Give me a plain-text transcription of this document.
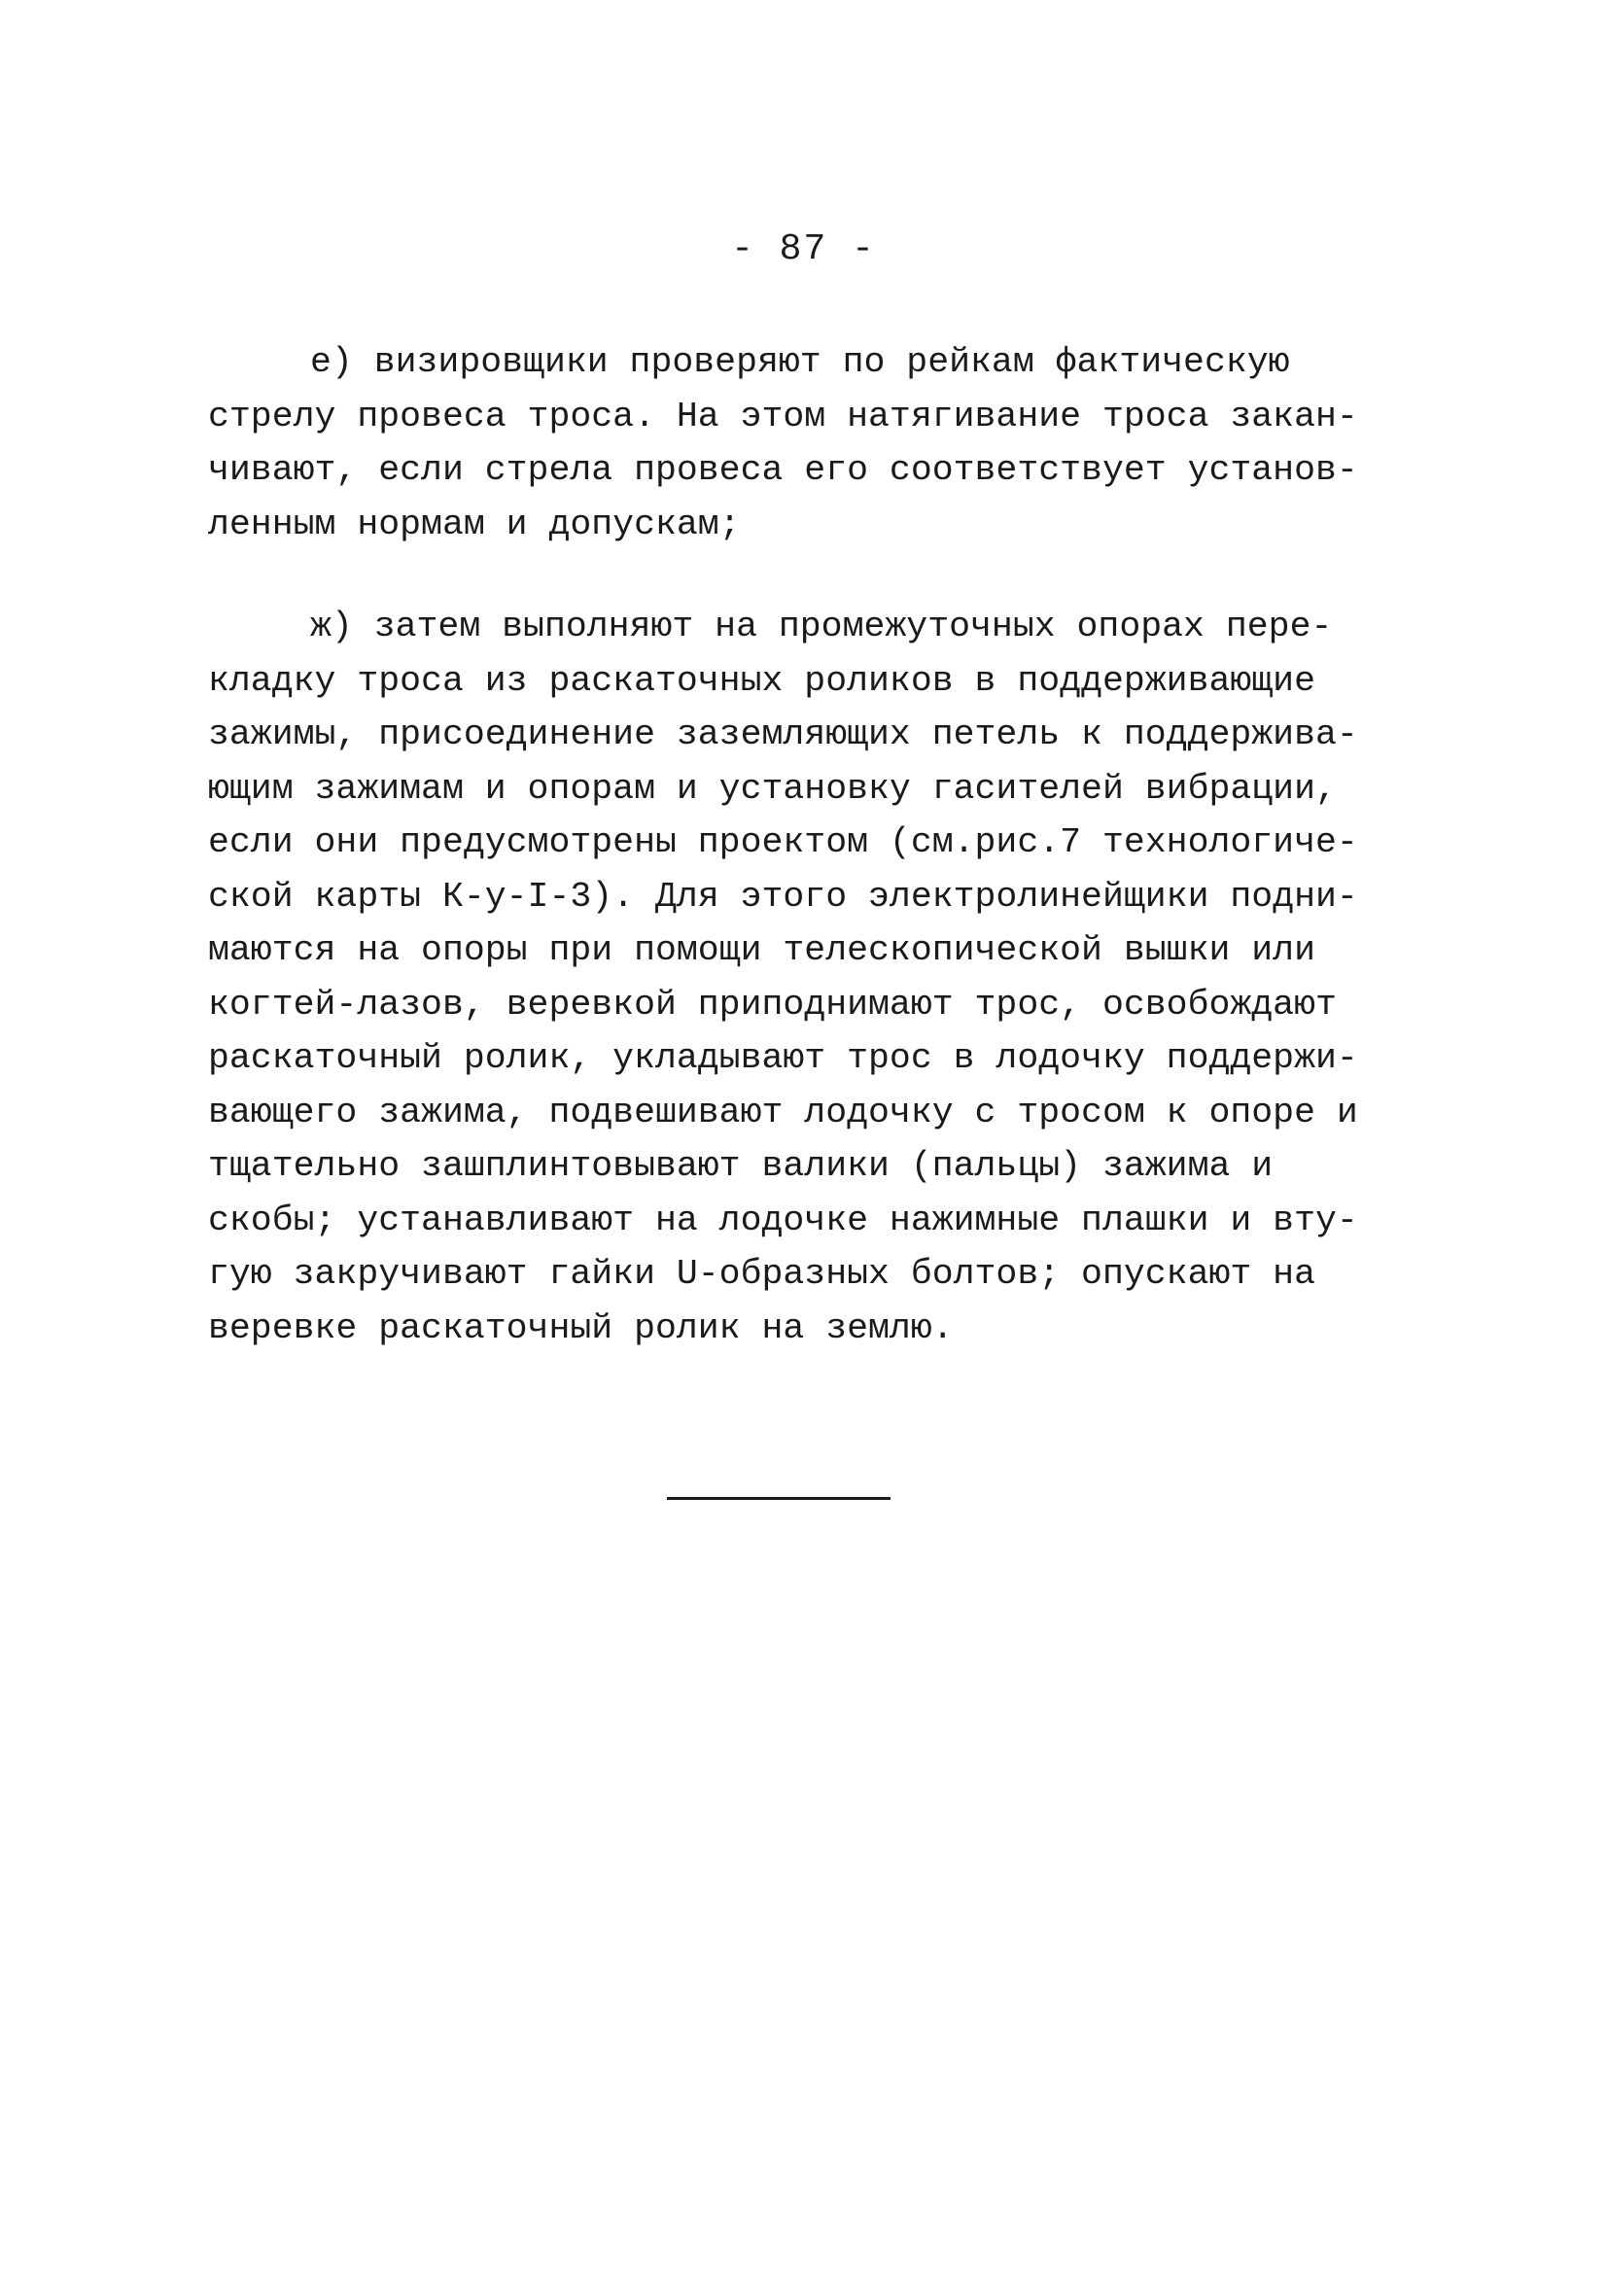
- 87 -
е) визировщики проверяют по рейкам фактическую
стрелу провеса троса. На этом натягивание троса закан-
чивают, если стрела провеса его соответствует установ-
ленным нормам и допускам;
ж) затем выполняют на промежуточных опорах пере-
кладку троса из раскаточных роликов в поддерживающие
зажимы, присоединение заземляющих петель к поддержива-
ющим зажимам и опорам и установку гасителей вибрации,
если они предусмотрены проектом (см.рис.7 технологиче-
ской карты К-у-I-3). Для этого электролинейщики подни-
маются на опоры при помощи телескопической вышки или
когтей-лазов, веревкой приподнимают трос, освобождают
раскаточный ролик, укладывают трос в лодочку поддержи-
вающего зажима, подвешивают лодочку с тросом к опоре и
тщательно зашплинтовывают валики (пальцы) зажима и
скобы; устанавливают на лодочке нажимные плашки и вту-
гую закручивают гайки U-образных болтов; опускают на
веревке раскаточный ролик на землю.
